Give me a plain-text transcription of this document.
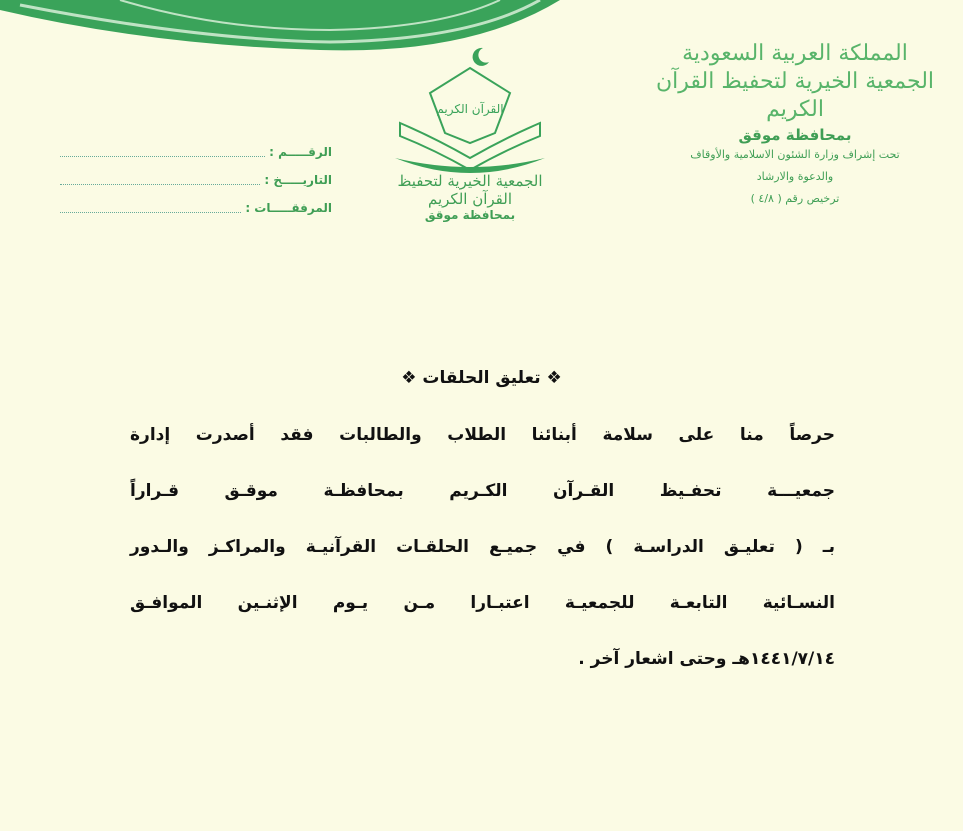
المملكة العربية السعودية
الجمعية الخيرية لتحفيظ القرآن الكريم
بمحافظة موقق
تحت إشراف وزارة الشئون الاسلامية والأوقاف
والدعوة والارشاد
ترخيص رقم ( ٤/٨ )
القرآن الكريم
الجمعية الخيرية لتحفيظ القرآن الكريم
بمحافظة موقق
الرقـــــم :
التاريـــــخ :
المرفقـــــات :
❖ تعليق الحلقات ❖
حرصاً منا على سلامة أبنائنا الطلاب والطالبات فقد أصدرت إدارة
جمعيـــة تحفـيظ القـرآن الكـريم بمحافظـة موقـق قـراراً
بـ ( تعليـق الدراسـة ) في جميـع الحلقـات القرآنيـة والمراكـز والـدور
النسـائية التابعـة للجمعيـة اعتبـارا مـن يـوم الإثنـين الموافـق
١٤٤١/٧/١٤هـ وحتى اشعار آخر .
